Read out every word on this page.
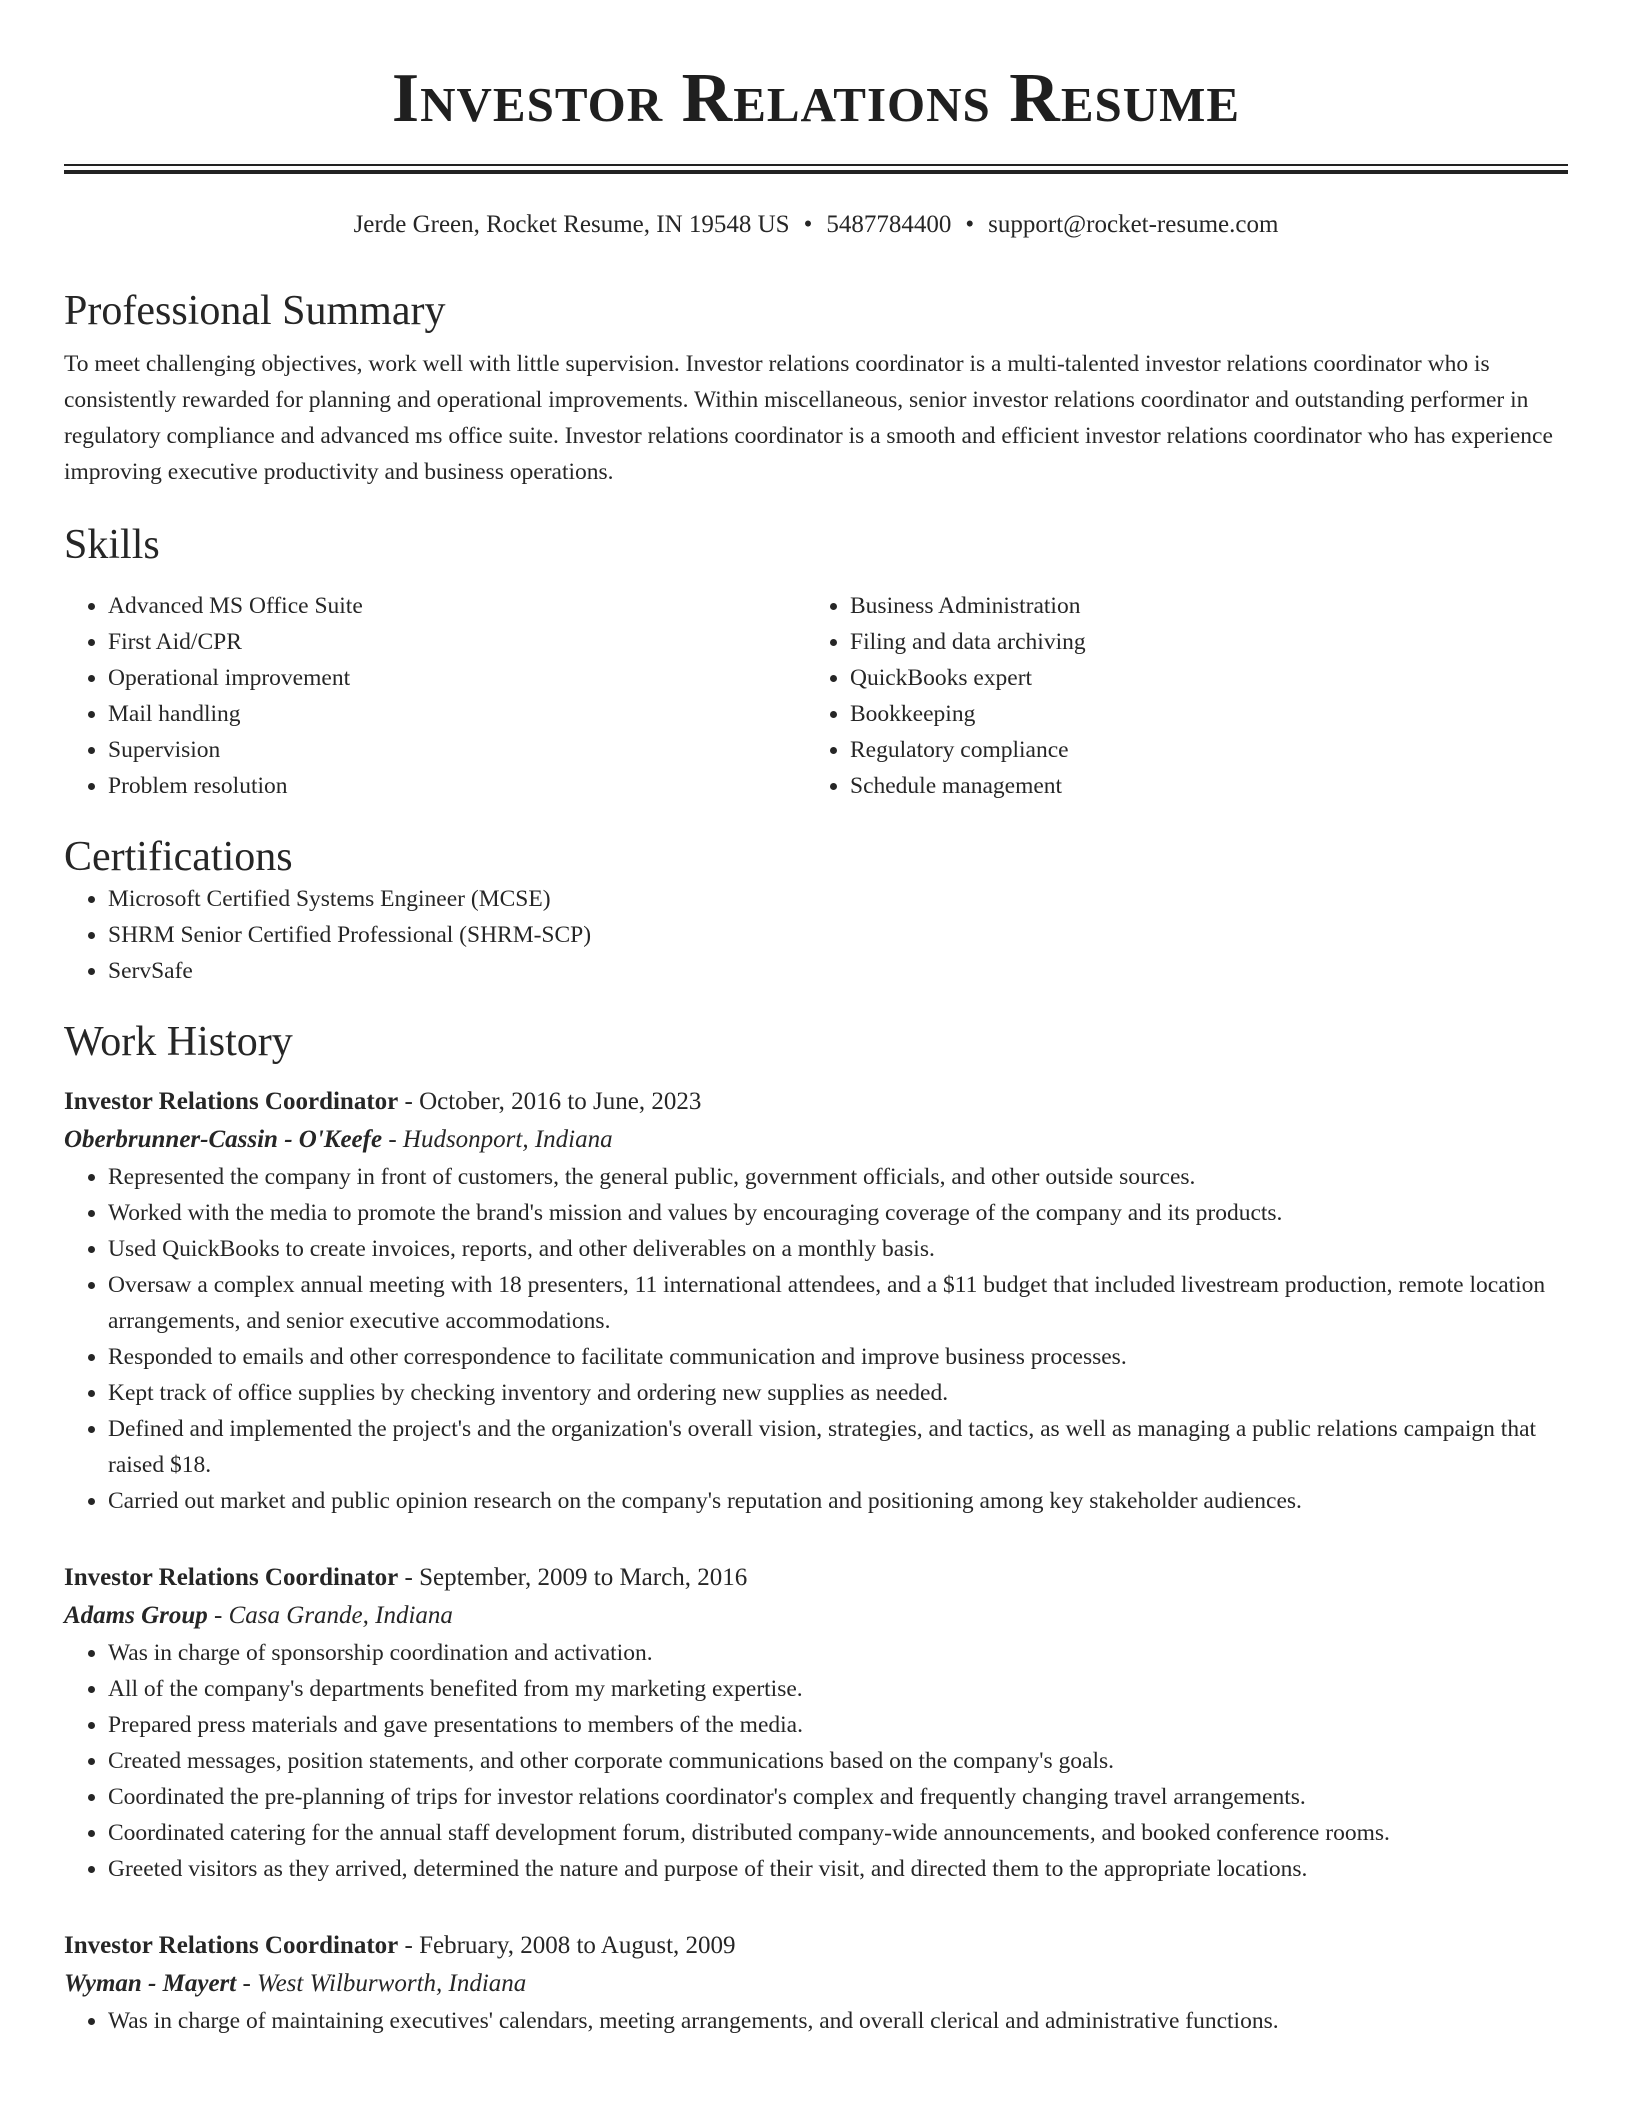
Investor Relations Resume
Jerde Green, Rocket Resume, IN 19548 US • 5487784400 • support@rocket-resume.com
Professional Summary

To meet challenging objectives, work well with little supervision. Investor relations coordinator is a multi-talented investor relations coordinator who is consistently rewarded for planning and operational improvements. Within miscellaneous, senior investor relations coordinator and outstanding performer in regulatory compliance and advanced ms office suite. Investor relations coordinator is a smooth and efficient investor relations coordinator who has experience improving executive productivity and business operations.

Skills
• Advanced MS Office Suite
• First Aid/CPR
• Operational improvement
• Mail handling
• Supervision
• Problem resolution
• Business Administration
• Filing and data archiving
• QuickBooks expert
• Bookkeeping
• Regulatory compliance
• Schedule management
Certifications
• Microsoft Certified Systems Engineer (MCSE)
• SHRM Senior Certified Professional (SHRM-SCP)
• ServSafe
Work History
Investor Relations Coordinator - October, 2016 to June, 2023
Oberbrunner-Cassin - O'Keefe - Hudsonport, Indiana
• Represented the company in front of customers, the general public, government officials, and other outside sources.
• Worked with the media to promote the brand's mission and values by encouraging coverage of the company and its products.
• Used QuickBooks to create invoices, reports, and other deliverables on a monthly basis.
• Oversaw a complex annual meeting with 18 presenters, 11 international attendees, and a $11 budget that included livestream production, remote location arrangements, and senior executive accommodations.
• Responded to emails and other correspondence to facilitate communication and improve business processes.
• Kept track of office supplies by checking inventory and ordering new supplies as needed.
• Defined and implemented the project's and the organization's overall vision, strategies, and tactics, as well as managing a public relations campaign that raised $18.
• Carried out market and public opinion research on the company's reputation and positioning among key stakeholder audiences.
Investor Relations Coordinator - September, 2009 to March, 2016
Adams Group - Casa Grande, Indiana
• Was in charge of sponsorship coordination and activation.
• All of the company's departments benefited from my marketing expertise.
• Prepared press materials and gave presentations to members of the media.
• Created messages, position statements, and other corporate communications based on the company's goals.
• Coordinated the pre-planning of trips for investor relations coordinator's complex and frequently changing travel arrangements.
• Coordinated catering for the annual staff development forum, distributed company-wide announcements, and booked conference rooms.
• Greeted visitors as they arrived, determined the nature and purpose of their visit, and directed them to the appropriate locations.
Investor Relations Coordinator - February, 2008 to August, 2009
Wyman - Mayert - West Wilburworth, Indiana
• Was in charge of maintaining executives' calendars, meeting arrangements, and overall clerical and administrative functions.
